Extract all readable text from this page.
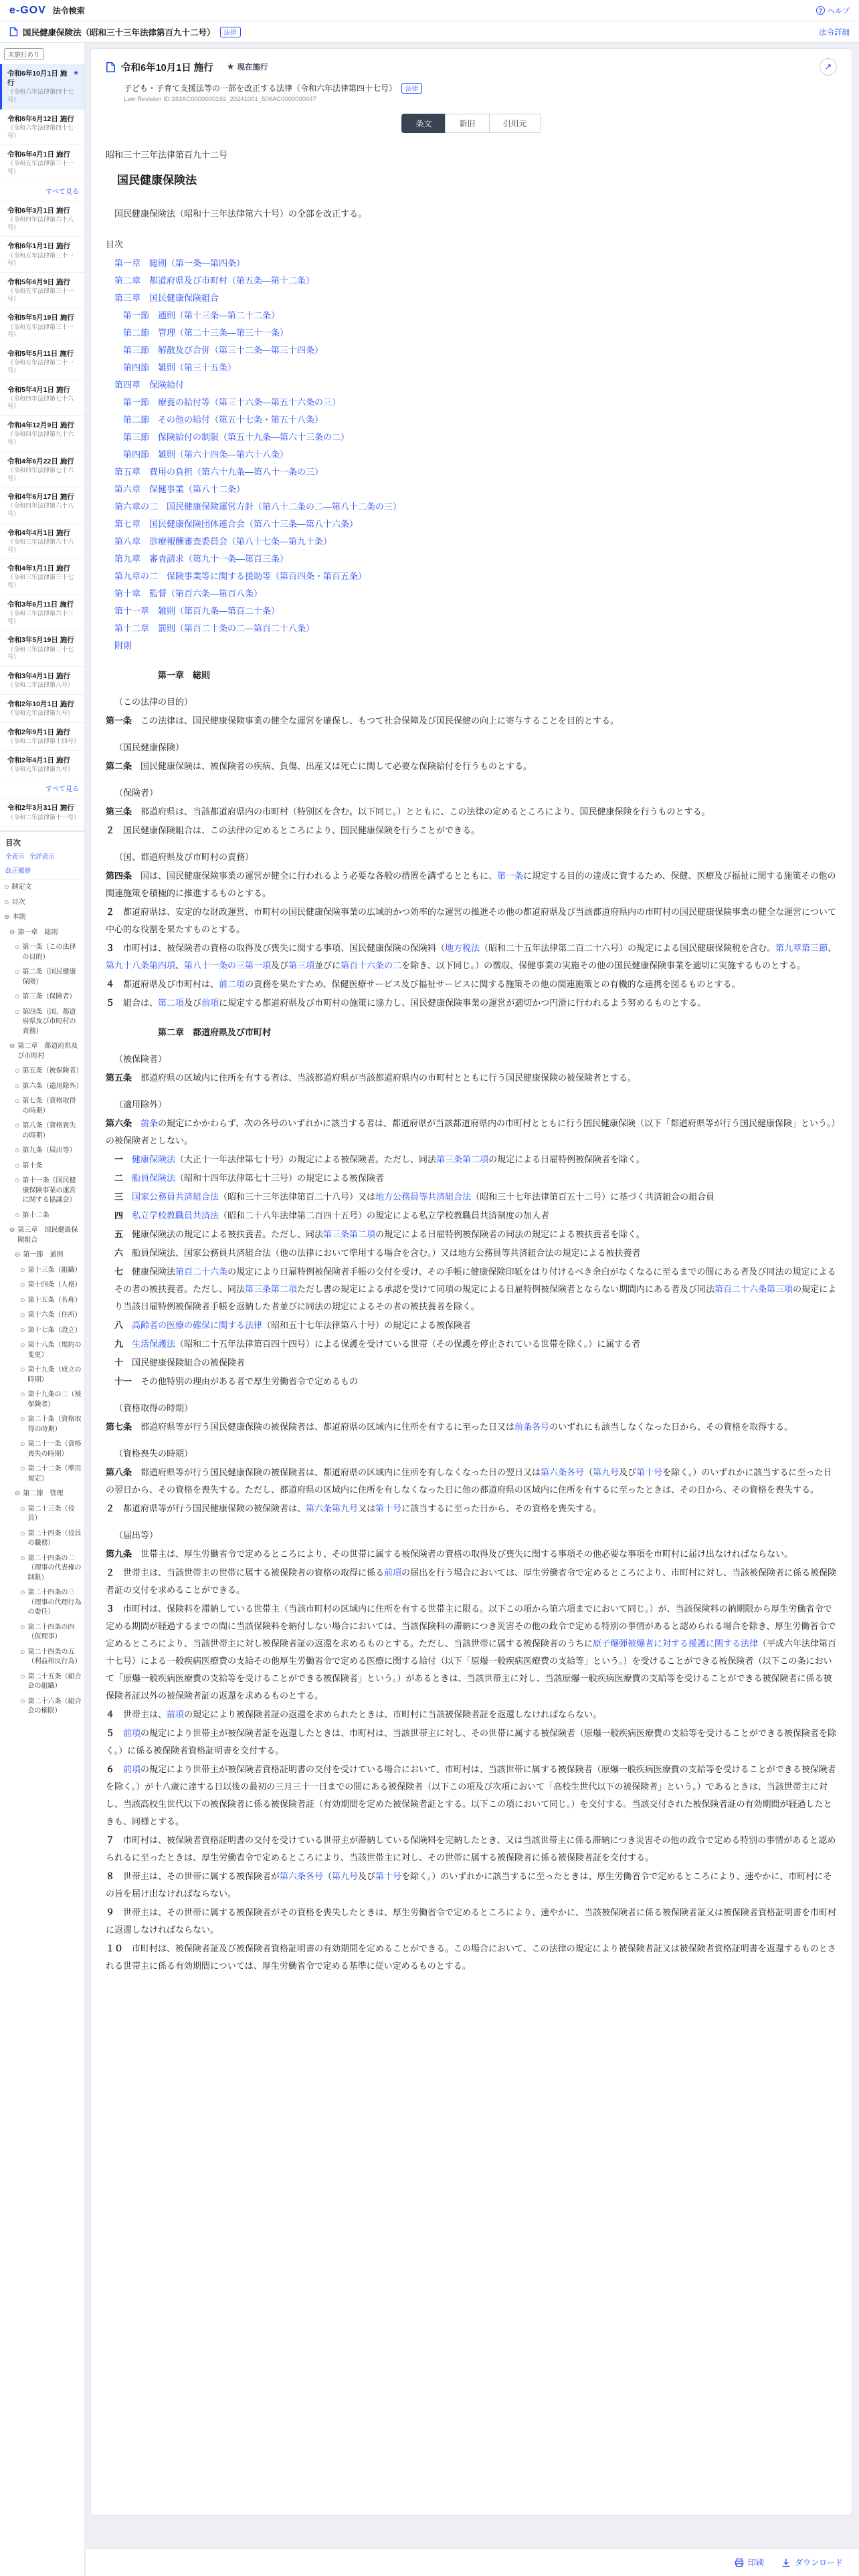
e-GOV 法令検索	? ヘルプ
国民健康保険法（昭和三十三年法律第百九十二号）	法律	法令詳細
未施行あり
★
令和6年10月1日 施行
（令和六年法律第四十七号）
令和6年6月12日 施行
（令和六年法律第四十七号）
令和6年4月1日 施行
（令和五年法律第三十一号）
すべて見る
令和6年3月1日 施行
（令和四年法律第六十八号）
令和6年1月1日 施行
（令和五年法律第三十一号）
令和5年6月9日 施行
（令和五年法律第三十一号）
令和5年5月19日 施行
（令和五年法律第三十一号）
令和5年5月11日 施行
（令和五年法律第二十一号）
令和5年4月1日 施行
（令和四年法律第七十六号）
令和4年12月9日 施行
（令和四年法律第九十六号）
令和4年6月22日 施行
（令和四年法律第七十六号）
令和4年6月17日 施行
（令和四年法律第六十八号）
令和4年4月1日 施行
（令和三年法律第六十六号）
令和4年1月1日 施行
（令和三年法律第三十七号）
令和3年6月11日 施行
（令和三年法律第六十三号）
令和3年5月19日 施行
（令和三年法律第三十七号）
令和3年4月1日 施行
（令和二年法律第八号）
令和2年10月1日 施行
（令和元年法律第九号）
令和2年9月1日 施行
（令和二年法律第十四号）
令和2年4月1日 施行
（令和元年法律第九号）
すべて見る
令和2年3月31日 施行
（令和二年法律第十一号）
目次
全表示 全詳表示
改正履歴
⊙ 制定文
⊙ 目次
⊖ 本則
⊖ 第一章　総則
⊙ 第一条（この法律の目的）
⊙ 第二条（国民健康保険）
⊙ 第三条（保険者）
⊙ 第四条（国、都道府県及び市町村の責務）
⊖ 第二章　都道府県及び市町村
⊙ 第五条（被保険者）
⊙ 第六条（適用除外）
⊙ 第七条（資格取得の時期）
⊙ 第八条（資格喪失の時期）
⊙ 第九条（届出等）
⊙ 第十条
⊙ 第十一条（国民健康保険事業の運営に関する協議会）
⊙ 第十二条
⊖ 第三章　国民健康保険組合
⊖ 第一節　通則
⊙ 第十三条（組織）
⊙ 第十四条（人格）
⊙ 第十五条（名称）
⊙ 第十六条（住所）
⊙ 第十七条（設立）
⊙ 第十八条（規約の変更）
⊙ 第十九条（成立の時期）
⊙ 第十九条の二（被保険者）
⊙ 第二十条（資格取得の時期）
⊙ 第二十一条（資格喪失の時期）
⊙ 第二十二条（準用規定）
⊖ 第二節　管理
⊙ 第二十三条（役員）
⊙ 第二十四条（役員の職務）
⊙ 第二十四条の二（理事の代表権の制限）
⊙ 第二十四条の三（理事の代理行為の委任）
⊙ 第二十四条の四（仮理事）
⊙ 第二十四条の五（利益相反行為）
⊙ 第二十五条（組合会の組織）
⊙ 第二十六条（組合会の権限）
令和6年10月1日 施行 ★ 現在施行	↗
子ども・子育て支援法等の一部を改正する法律（令和六年法律第四十七号）	法律
Law Revision ID:333AC0000000192_20241001_506AC0000000047
条文	新旧	引用元
昭和三十三年法律第百九十二号
国民健康保険法

国民健康保険法（昭和十三年法律第六十号）の全部を改正する。

目次
第一章　総則（第一条―第四条）
第二章　都道府県及び市町村（第五条―第十二条）
第三章　国民健康保険組合
第一節　通則（第十三条―第二十二条）
第二節　管理（第二十三条―第三十一条）
第三節　解散及び合併（第三十二条―第三十四条）
第四節　雑則（第三十五条）
第四章　保険給付
第一節　療養の給付等（第三十六条―第五十六条の三）
第二節　その他の給付（第五十七条・第五十八条）
第三節　保険給付の制限（第五十九条―第六十三条の二）
第四節　雑則（第六十四条―第六十八条）
第五章　費用の負担（第六十九条―第八十一条の三）
第六章　保健事業（第八十二条）
第六章の二　国民健康保険運営方針（第八十二条の二―第八十二条の三）
第七章　国民健康保険団体連合会（第八十三条―第八十六条）
第八章　診療報酬審査委員会（第八十七条―第九十条）
第九章　審査請求（第九十一条―第百三条）
第九章の二　保険事業等に関する援助等（第百四条・第百五条）
第十章　監督（第百六条―第百八条）
第十一章　雑則（第百九条―第百二十条）
第十二章　罰則（第百二十条の二―第百二十八条）
附則
第一章　総則
（この法律の目的）
第一条　 この法律は、国民健康保険事業の健全な運営を確保し、もつて社会保障及び国民保健の向上に寄与することを目的とする。
（国民健康保険）
第二条　 国民健康保険は、被保険者の疾病、負傷、出産又は死亡に関して必要な保険給付を行うものとする。
（保険者）
第三条　 都道府県は、当該都道府県内の市町村（特別区を含む。以下同じ。）とともに、この法律の定めるところにより、国民健康保険を行うものとする。
２　 国民健康保険組合は、この法律の定めるところにより、国民健康保険を行うことができる。
（国、都道府県及び市町村の責務）
第四条　 国は、国民健康保険事業の運営が健全に行われるよう必要な各般の措置を講ずるとともに、第一条に規定する目的の達成に資するため、保健、医療及び福祉に関する施策その他の関連施策を積極的に推進するものとする。
２　 都道府県は、安定的な財政運営、市町村の国民健康保険事業の広域的かつ効率的な運営の推進その他の都道府県及び当該都道府県内の市町村の国民健康保険事業の健全な運営について中心的な役割を果たすものとする。
３　 市町村は、被保険者の資格の取得及び喪失に関する事項、国民健康保険の保険料（地方税法（昭和二十五年法律第二百二十六号）の規定による国民健康保険税を含む。第九章第三節、第九十八条第四項、第八十一条の三第一項及び第三項並びに第百十六条の二を除き、以下同じ。）の徴収、保健事業の実施その他の国民健康保険事業を適切に実施するものとする。
４　 都道府県及び市町村は、前二項の責務を果たすため、保健医療サービス及び福祉サービスに関する施策その他の関連施策との有機的な連携を図るものとする。
５　 組合は、第二項及び前項に規定する都道府県及び市町村の施策に協力し、国民健康保険事業の運営が適切かつ円滑に行われるよう努めるものとする。
第二章　都道府県及び市町村
（被保険者）
第五条　 都道府県の区域内に住所を有する者は、当該都道府県が当該都道府県内の市町村とともに行う国民健康保険の被保険者とする。
（適用除外）
第六条　 前条の規定にかかわらず、次の各号のいずれかに該当する者は、都道府県が当該都道府県内の市町村とともに行う国民健康保険（以下「都道府県等が行う国民健康保険」という。）の被保険者としない。
一　 健康保険法（大正十一年法律第七十号）の規定による被保険者。ただし、同法第三条第二項の規定による日雇特例被保険者を除く。
二　 船員保険法（昭和十四年法律第七十三号）の規定による被保険者
三　 国家公務員共済組合法（昭和三十三年法律第百二十八号）又は地方公務員等共済組合法（昭和三十七年法律第百五十二号）に基づく共済組合の組合員
四　 私立学校教職員共済法（昭和二十八年法律第二百四十五号）の規定による私立学校教職員共済制度の加入者
五　 健康保険法の規定による被扶養者。ただし、同法第三条第二項の規定による日雇特例被保険者の同法の規定による被扶養者を除く。
六　 船員保険法、国家公務員共済組合法（他の法律において準用する場合を含む。）又は地方公務員等共済組合法の規定による被扶養者
七　 健康保険法第百二十六条の規定により日雇特例被保険者手帳の交付を受け、その手帳に健康保険印紙をはり付けるべき余白がなくなるに至るまでの間にある者及び同法の規定によるその者の被扶養者。ただし、同法第三条第二項ただし書の規定による承認を受けて同項の規定による日雇特例被保険者とならない期間内にある者及び同法第百二十六条第三項の規定により当該日雇特例被保険者手帳を返納した者並びに同法の規定によるその者の被扶養者を除く。
八　 高齢者の医療の確保に関する法律（昭和五十七年法律第八十号）の規定による被保険者
九　 生活保護法（昭和二十五年法律第百四十四号）による保護を受けている世帯（その保護を停止されている世帯を除く。）に属する者
十　 国民健康保険組合の被保険者
十一　 その他特別の理由がある者で厚生労働省令で定めるもの
（資格取得の時期）
第七条　 都道府県等が行う国民健康保険の被保険者は、都道府県の区域内に住所を有するに至った日又は前条各号のいずれにも該当しなくなった日から、その資格を取得する。
（資格喪失の時期）
第八条　 都道府県等が行う国民健康保険の被保険者は、都道府県の区域内に住所を有しなくなった日の翌日又は第六条各号（第九号及び第十号を除く。）のいずれかに該当するに至った日の翌日から、その資格を喪失する。ただし、都道府県の区域内に住所を有しなくなった日に他の都道府県の区域内に住所を有するに至ったときは、その日から、その資格を喪失する。
２　 都道府県等が行う国民健康保険の被保険者は、第六条第九号又は第十号に該当するに至った日から、その資格を喪失する。
（届出等）
第九条　 世帯主は、厚生労働省令で定めるところにより、その世帯に属する被保険者の資格の取得及び喪失に関する事項その他必要な事項を市町村に届け出なければならない。
２　 世帯主は、当該世帯主の世帯に属する被保険者の資格の取得に係る前項の届出を行う場合においては、厚生労働省令で定めるところにより、市町村に対し、当該被保険者に係る被保険者証の交付を求めることができる。
３　 市町村は、保険料を滞納している世帯主（当該市町村の区域内に住所を有する世帯主に限る。以下この項から第六項までにおいて同じ。）が、当該保険料の納期限から厚生労働省令で定める期間が経過するまでの間に当該保険料を納付しない場合においては、当該保険料の滞納につき災害その他の政令で定める特別の事情があると認められる場合を除き、厚生労働省令で定めるところにより、当該世帯主に対し被保険者証の返還を求めるものとする。ただし、当該世帯に属する被保険者のうちに原子爆弾被爆者に対する援護に関する法律（平成六年法律第百十七号）による一般疾病医療費の支給その他厚生労働省令で定める医療に関する給付（以下「原爆一般疾病医療費の支給等」という。）を受けることができる被保険者（以下この条において「原爆一般疾病医療費の支給等を受けることができる被保険者」という。）があるときは、当該世帯主に対し、当該原爆一般疾病医療費の支給等を受けることができる被保険者に係る被保険者証以外の被保険者証の返還を求めるものとする。
４　 世帯主は、前項の規定により被保険者証の返還を求められたときは、市町村に当該被保険者証を返還しなければならない。
５　 前項の規定により世帯主が被保険者証を返還したときは、市町村は、当該世帯主に対し、その世帯に属する被保険者（原爆一般疾病医療費の支給等を受けることができる被保険者を除く。）に係る被保険者資格証明書を交付する。
６　 前項の規定により世帯主が被保険者資格証明書の交付を受けている場合において、市町村は、当該世帯に属する被保険者（原爆一般疾病医療費の支給等を受けることができる被保険者を除く。）が十八歳に達する日以後の最初の三月三十一日までの間にある被保険者（以下この項及び次項において「高校生世代以下の被保険者」という。）であるときは、当該世帯主に対し、当該高校生世代以下の被保険者に係る被保険者証（有効期間を定めた被保険者証とする。以下この項において同じ。）を交付する。当該交付された被保険者証の有効期間が経過したときも、同様とする。
７　 市町村は、被保険者資格証明書の交付を受けている世帯主が滞納している保険料を完納したとき、又は当該世帯主に係る滞納につき災害その他の政令で定める特別の事情があると認められるに至ったときは、厚生労働省令で定めるところにより、当該世帯主に対し、その世帯に属する被保険者に係る被保険者証を交付する。
８　 世帯主は、その世帯に属する被保険者が第六条各号（第九号及び第十号を除く。）のいずれかに該当するに至ったときは、厚生労働省令で定めるところにより、速やかに、市町村にその旨を届け出なければならない。
９　 世帯主は、その世帯に属する被保険者がその資格を喪失したときは、厚生労働省令で定めるところにより、速やかに、当該被保険者に係る被保険者証又は被保険者資格証明書を市町村に返還しなければならない。
１０　 市町村は、被保険者証及び被保険者資格証明書の有効期間を定めることができる。この場合において、この法律の規定により被保険者証又は被保険者資格証明書を返還するものとされる世帯主に係る有効期間については、厚生労働省令で定める基準に従い定めるものとする。
印刷	ダウンロード
